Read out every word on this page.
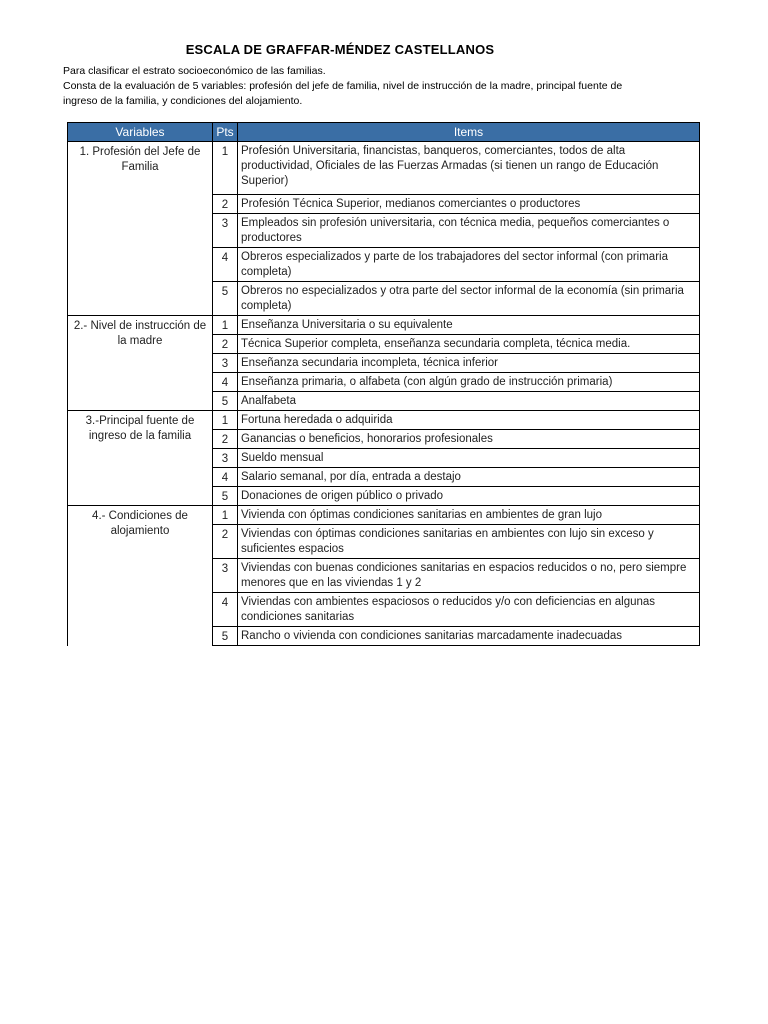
ESCALA DE GRAFFAR-MÉNDEZ CASTELLANOS
Para clasificar el estrato socioeconómico de las familias.
Consta de la evaluación de 5 variables: profesión del jefe de familia, nivel de instrucción de la madre, principal fuente de
ingreso de la familia, y condiciones del alojamiento.
Variables	Pts	Items
1. Profesión del Jefe de Familia	1	Profesión Universitaria, financistas, banqueros, comerciantes, todos de alta productividad, Oficiales de las Fuerzas Armadas (si tienen un rango de Educación Superior)
	2	Profesión Técnica Superior, medianos comerciantes o productores
	3	Empleados sin profesión universitaria, con técnica media, pequeños comerciantes o productores
	4	Obreros especializados y parte de los trabajadores del sector informal (con primaria completa)
	5	Obreros no especializados y otra parte del sector informal de la economía (sin primaria completa)
2.- Nivel de instrucción de la madre	1	Enseñanza Universitaria o su equivalente
	2	Técnica Superior completa, enseñanza secundaria completa, técnica media.
	3	Enseñanza secundaria incompleta, técnica inferior
	4	Enseñanza primaria, o alfabeta (con algún grado de instrucción primaria)
	5	Analfabeta
3.-Principal fuente de ingreso de la familia	1	Fortuna heredada o adquirida
	2	Ganancias o beneficios, honorarios profesionales
	3	Sueldo mensual
	4	Salario semanal, por día, entrada a destajo
	5	Donaciones de origen público o privado
4.- Condiciones de alojamiento	1	Vivienda con óptimas condiciones sanitarias en ambientes de gran lujo
	2	Viviendas con óptimas condiciones sanitarias en ambientes con lujo sin exceso y suficientes espacios
	3	Viviendas con buenas condiciones sanitarias en espacios reducidos o no, pero siempre menores que en las viviendas 1 y 2
	4	Viviendas con ambientes espaciosos o reducidos y/o con deficiencias en algunas condiciones sanitarias
	5	Rancho o vivienda con condiciones sanitarias marcadamente inadecuadas
